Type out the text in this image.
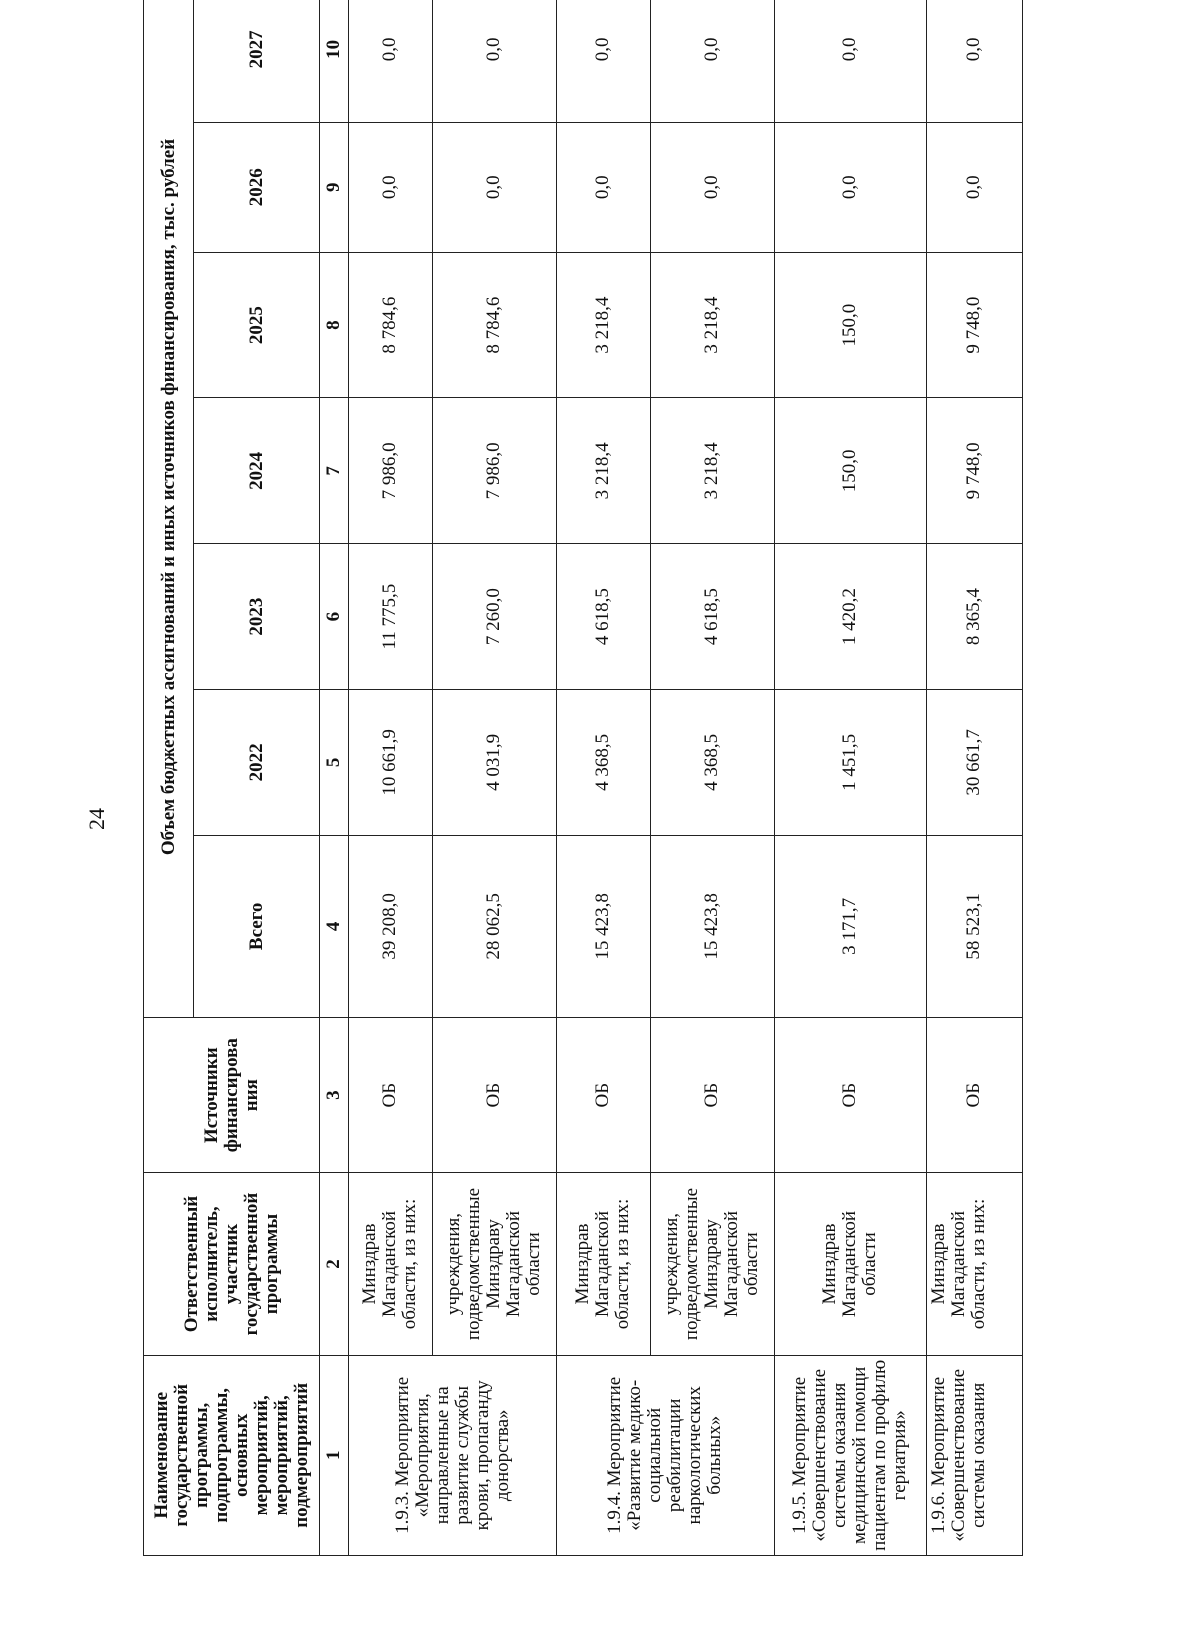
24
Наименование государственной программы, подпрограммы, основных мероприятий, мероприятий, подмероприятий	Ответственный исполнитель, участник государственной программы	Источники финансирова ния	Объем бюджетных ассигнований и иных источников финансирования, тыс. рублей						
			Всего	2022	2023	2024	2025	2026	2027
1	2	3	4	5	6	7	8	9	10
1.9.3. Мероприятие «Мероприятия, направленные на развитие службы крови, пропаганду донорства»	Минздрав Магаданской области, из них:	ОБ	39 208,0	10 661,9	11 775,5	7 986,0	8 784,6	0,0	0,0
	учреждения, подведомственные Минздраву Магаданской области	ОБ	28 062,5	4 031,9	7 260,0	7 986,0	8 784,6	0,0	0,0
1.9.4. Мероприятие «Развитие медико-социальной реабилитации наркологических больных»	Минздрав Магаданской области, из них:	ОБ	15 423,8	4 368,5	4 618,5	3 218,4	3 218,4	0,0	0,0
	учреждения, подведомственные Минздраву Магаданской области	ОБ	15 423,8	4 368,5	4 618,5	3 218,4	3 218,4	0,0	0,0
1.9.5. Мероприятие «Совершенствование системы оказания медицинской помощи пациентам по профилю гериатрия»	Минздрав Магаданской области	ОБ	3 171,7	1 451,5	1 420,2	150,0	150,0	0,0	0,0
1.9.6. Мероприятие «Совершенствование системы оказания	Минздрав Магаданской области, из них:	ОБ	58 523,1	30 661,7	8 365,4	9 748,0	9 748,0	0,0	0,0
